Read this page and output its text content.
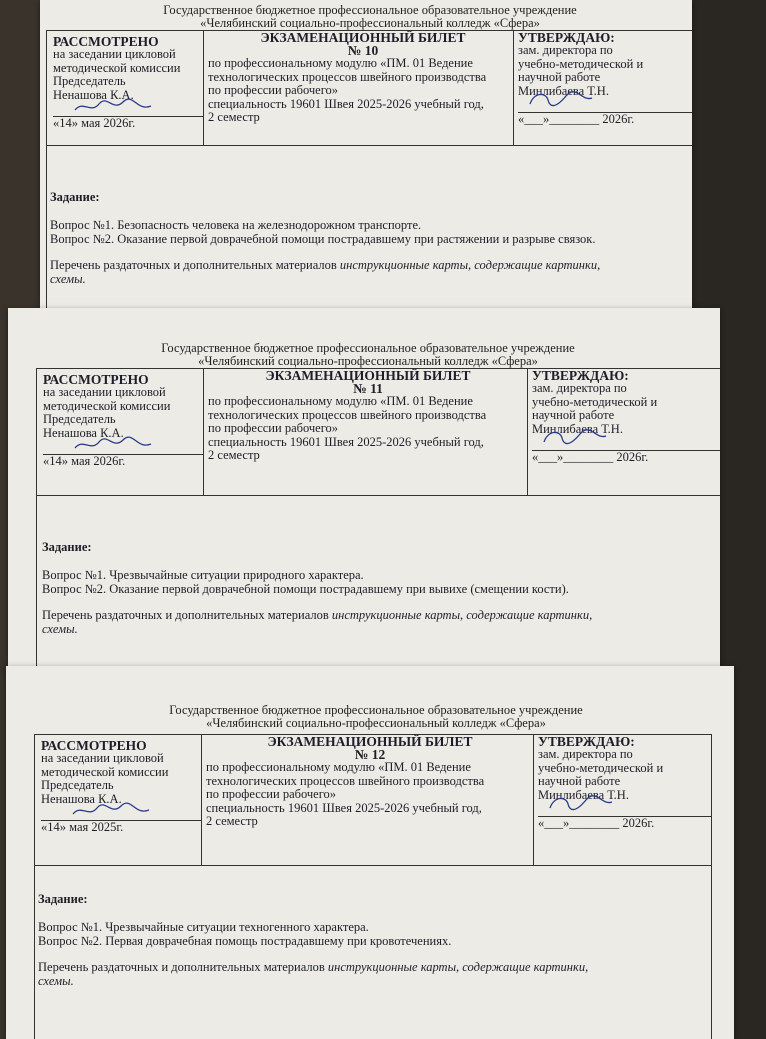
Государственное бюджетное профессиональное образовательное учреждение
«Челябинский социально-профессиональный колледж «Сфера»
РАССМОТРЕНО
на заседании цикловой
методической комиссии
Председатель
Ненашова К.А.
«14» мая 2026г.
ЭКЗАМЕНАЦИОННЫЙ БИЛЕТ
№ 10
по профессиональному модулю «ПМ. 01 Ведение
технологических процессов швейного производства
по профессии рабочего»
специальность 19601 Швея 2025-2026 учебный год,
2 семестр
УТВЕРЖДАЮ:
зам. директора по
учебно-методической и
научной работе
Минлибаева Т.Н.
«___»________ 2026г.
Задание:
Вопрос №1. Безопасность человека на железнодорожном транспорте.
Вопрос №2. Оказание первой доврачебной помощи пострадавшему при растяжении и разрыве связок.
Перечень раздаточных и дополнительных материалов инструкционные карты, содержащие картинки,
схемы.
Государственное бюджетное профессиональное образовательное учреждение
«Челябинский социально-профессиональный колледж «Сфера»
РАССМОТРЕНО
на заседании цикловой
методической комиссии
Председатель
Ненашова К.А.
«14» мая 2026г.
ЭКЗАМЕНАЦИОННЫЙ БИЛЕТ
№ 11
по профессиональному модулю «ПМ. 01 Ведение
технологических процессов швейного производства
по профессии рабочего»
специальность 19601 Швея 2025-2026 учебный год,
2 семестр
УТВЕРЖДАЮ:
зам. директора по
учебно-методической и
научной работе
Минлибаева Т.Н.
«___»________ 2026г.
Задание:
Вопрос №1. Чрезвычайные ситуации природного характера.
Вопрос №2. Оказание первой доврачебной помощи пострадавшему при вывихе (смещении кости).
Перечень раздаточных и дополнительных материалов инструкционные карты, содержащие картинки,
схемы.
Государственное бюджетное профессиональное образовательное учреждение
«Челябинский социально-профессиональный колледж «Сфера»
РАССМОТРЕНО
на заседании цикловой
методической комиссии
Председатель
Ненашова К.А.
«14» мая 2025г.
ЭКЗАМЕНАЦИОННЫЙ БИЛЕТ
№ 12
по профессиональному модулю «ПМ. 01 Ведение
технологических процессов швейного производства
по профессии рабочего»
специальность 19601 Швея 2025-2026 учебный год,
2 семестр
УТВЕРЖДАЮ:
зам. директора по
учебно-методической и
научной работе
Минлибаева Т.Н.
«___»________ 2026г.
Задание:
Вопрос №1. Чрезвычайные ситуации техногенного характера.
Вопрос №2. Первая доврачебная помощь пострадавшему при кровотечениях.
Перечень раздаточных и дополнительных материалов инструкционные карты, содержащие картинки,
схемы.
